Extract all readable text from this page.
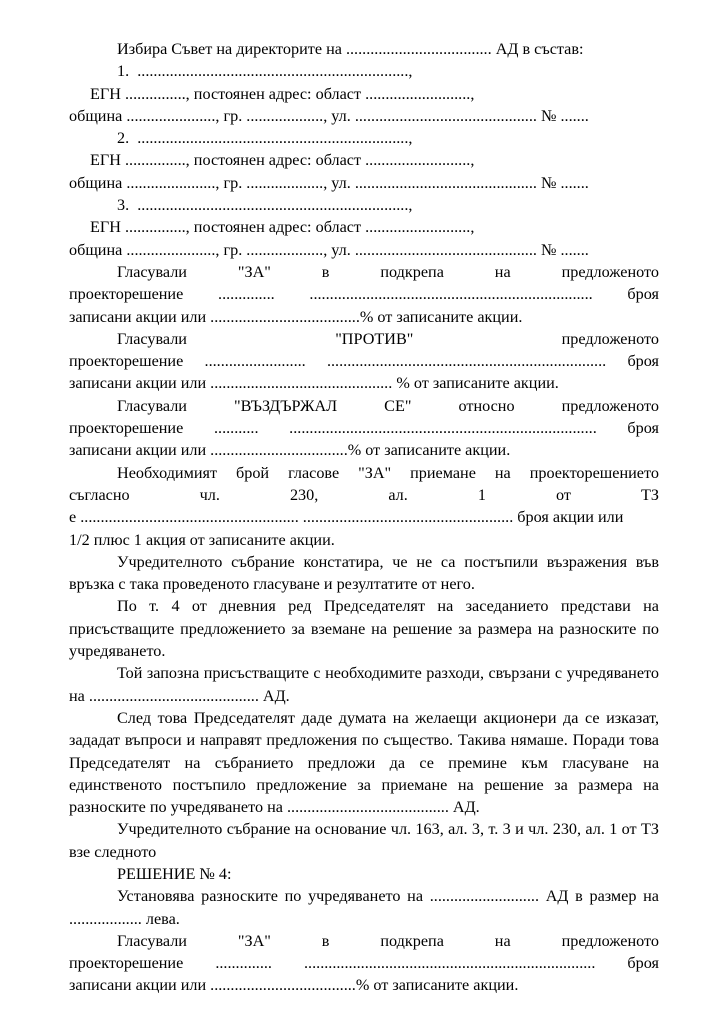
Избира Съвет на директорите на .................................... АД в състав:
1.  ...................................................................,
ЕГН ..............., постоянен адрес: област ..........................,
община ......................, гр. ..................., ул. ............................................. № .......
2.  ...................................................................,
ЕГН ..............., постоянен адрес: област ..........................,
община ......................, гр. ..................., ул. ............................................. № .......
3.  ...................................................................,
ЕГН ..............., постоянен адрес: област ..........................,
община ......................, гр. ..................., ул. ............................................. № .......
Гласували	"ЗА"	в	подкрепа	на	предложеното
проекторешение .............. ...................................................................... броя
записани акции или .....................................% от записаните акции.
Гласували	"ПРОТИВ"	предложеното
проекторешение ......................... ..................................................................... броя
записани акции или ............................................. % от записаните акции.
Гласували	"ВЪЗДЪРЖАЛ	СЕ"	относно	предложеното
проекторешение ........... ............................................................................ броя
записани акции или ..................................% от записаните акции.
Необходимият брой гласове "ЗА" приемане на проекторешението
съгласно	чл.	230,	ал.	1	от	ТЗ
е ...................................................... .................................................... броя акции или
1/2 плюс 1 акция от записаните акции.
Учредителното събрание констатира, че не са постъпили възражения във връзка с така проведеното гласуване и резултатите от него.
По т. 4 от дневния ред Председателят на заседанието представи на присъстващите предложението за вземане на решение за размера на разноските по учредяването.
Той запозна присъстващите с необходимите разходи, свързани с учредяването на .......................................... АД.
След това Председателят даде думата на желаещи акционери да се изказат, зададат въпроси и направят предложения по същество. Такива нямаше. Поради това Председателят на събранието предложи да се премине към гласуване на единственото постъпило предложение за приемане на решение за размера на разноските по учредяването на ........................................ АД.
Учредителното събрание на основание чл. 163, ал. 3, т. 3 и чл. 230, ал. 1 от ТЗ взе следното
РЕШЕНИЕ № 4:
Установява разноските по учредяването на ........................... АД в размер на .................. лева.
Гласували	"ЗА"	в	подкрепа	на	предложеното
проекторешение .............. ........................................................................ броя
записани акции или ....................................% от записаните акции.
